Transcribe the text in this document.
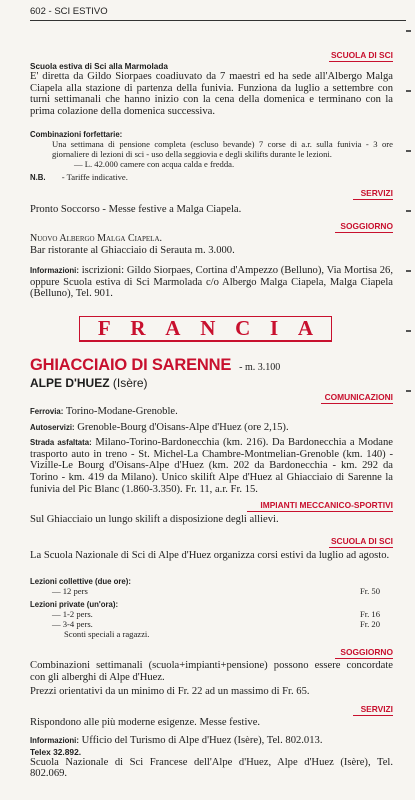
602 - SCI ESTIVO
SCUOLA DI SCI
Scuola estiva di Sci alla Marmolada

E' diretta da Gildo Siorpaes coadiuvato da 7 maestri ed ha sede all'Albergo Malga Ciapela alla stazione di partenza della funivia. Funziona da luglio a settembre con turni settimanali che hanno inizio con la cena della domenica e terminano con la prima colazione della domenica successiva.

Combinazioni forfettarie:
Una settimana di pensione completa (escluso bevande) 7 corse di a.r. sulla funivia - 3 ore giornaliere di lezioni di sci - uso della seggiovia e degli skilifts durante le lezioni.
— L. 42.000 camere con acqua calda e fredda.
N.B. - Tariffe indicative.
SERVIZI

Pronto Soccorso - Messe festive a Malga Ciapela.

SOGGIORNO
Nuovo Albergo Malga Ciapela.
Bar ristorante al Ghiacciaio di Serauta m. 3.000.

Informazioni: iscrizioni: Gildo Siorpaes, Cortina d'Ampezzo (Belluno), Via Mortisa 26, oppure Scuola estiva di Sci Marmolada c/o Albergo Malga Ciapela, Malga Ciapela (Belluno), Tel. 901.

F R A N C I A
GHIACCIAIO DI SARENNE - m. 3.100
ALPE D'HUEZ (Isère)
COMUNICAZIONI

Ferrovia: Torino-Modane-Grenoble.

Autoservizi: Grenoble-Bourg d'Oisans-Alpe d'Huez (ore 2,15).

Strada asfaltata: Milano-Torino-Bardonecchia (km. 216). Da Bardonecchia a Modane trasporto auto in treno - St. Michel-La Chambre-Montmelian-Grenoble (km. 140) - Vizille-Le Bourg d'Oisans-Alpe d'Huez (km. 202 da Bardonecchia - km. 292 da Torino - km. 419 da Milano). Unico skilift Alpe d'Huez al Ghiacciaio di Sarenne la funivia del Pic Blanc (1.860-3.350). Fr. 11, a.r. Fr. 15.

IMPIANTI MECCANICO-SPORTIVI

Sul Ghiacciaio un lungo skilift a disposizione degli allievi.

SCUOLA DI SCI

La Scuola Nazionale di Sci di Alpe d'Huez organizza corsi estivi da luglio ad agosto.

Lezioni collettive (due ore):
— 12 pers	Fr. 50
Lezioni private (un'ora):
— 1-2 pers.	Fr. 16
— 3-4 pers.	Fr. 20
Sconti speciali a ragazzi.
SOGGIORNO

Combinazioni settimanali (scuola+impianti+pensione) possono essere concordate con gli alberghi di Alpe d'Huez.

Prezzi orientativi da un minimo di Fr. 22 ad un massimo di Fr. 65.

SERVIZI

Rispondono alle più moderne esigenze. Messe festive.

Informazioni: Ufficio del Turismo di Alpe d'Huez (Isère), Tel. 802.013.

Telex 32.892.

Scuola Nazionale di Sci Francese dell'Alpe d'Huez, Alpe d'Huez (Isère), Tel. 802.069.
